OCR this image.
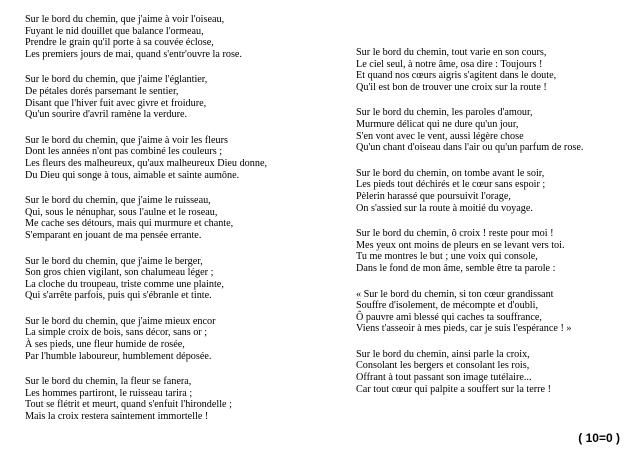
Sur le bord du chemin, que j'aime à voir l'oiseau,
Fuyant le nid douillet que balance l'ormeau,
Prendre le grain qu'il porte à sa couvée éclose,
Les premiers jours de mai, quand s'entr'ouvre la rose.
Sur le bord du chemin, que j'aime l'églantier,
De pétales dorés parsemant le sentier,
Disant que l'hiver fuit avec givre et froidure,
Qu'un sourire d'avril ramène la verdure.
Sur le bord du chemin, que j'aime à voir les fleurs
Dont les années n'ont pas combiné les couleurs ;
Les fleurs des malheureux, qu'aux malheureux Dieu donne,
Du Dieu qui songe à tous, aimable et sainte aumône.
Sur le bord du chemin, que j'aime le ruisseau,
Qui, sous le nénuphar, sous l'aulne et le roseau,
Me cache ses détours, mais qui murmure et chante,
S'emparant en jouant de ma pensée errante.
Sur le bord du chemin, que j'aime le berger,
Son gros chien vigilant, son chalumeau léger ;
La cloche du troupeau, triste comme une plainte,
Qui s'arrête parfois, puis qui s'ébranle et tinte.
Sur le bord du chemin, que j'aime mieux encor
La simple croix de bois, sans décor, sans or ;
À ses pieds, une fleur humide de rosée,
Par l'humble laboureur, humblement déposée.
Sur le bord du chemin, la fleur se fanera,
Les hommes partiront, le ruisseau tarira ;
Tout se flétrit et meurt, quand s'enfuit l'hirondelle ;
Mais la croix restera saintement immortelle !
Sur le bord du chemin, tout varie en son cours,
Le ciel seul, à notre âme, osa dire : Toujours !
Et quand nos cœurs aigris s'agitent dans le doute,
Qu'il est bon de trouver une croix sur la route !
Sur le bord du chemin, les paroles d'amour,
Murmure délicat qui ne dure qu'un jour,
S'en vont avec le vent, aussi légère chose
Qu'un chant d'oiseau dans l'air ou qu'un parfum de rose.
Sur le bord du chemin, on tombe avant le soir,
Les pieds tout déchirés et le cœur sans espoir ;
Pèlerin harassé que poursuivit l'orage,
On s'assied sur la route à moitié du voyage.
Sur le bord du chemin, ô croix ! reste pour moi !
Mes yeux ont moins de pleurs en se levant vers toi.
Tu me montres le but ; une voix qui console,
Dans le fond de mon âme, semble être ta parole :
« Sur le bord du chemin, si ton cœur grandissant
Souffre d'isolement, de mécompte et d'oubli,
Ô pauvre ami blessé qui caches ta souffrance,
Viens t'asseoir à mes pieds, car je suis l'espérance ! »
Sur le bord du chemin, ainsi parle la croix,
Consolant les bergers et consolant les rois,
Offrant à tout passant son image tutélaire...
Car tout cœur qui palpite a souffert sur la terre !
( 10=0 )
